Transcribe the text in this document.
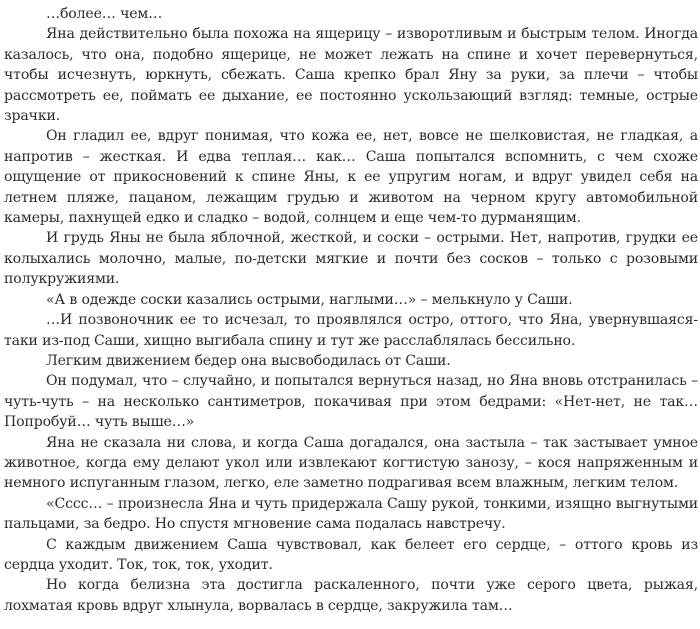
…более… чем…

Яна действительно была похожа на ящерицу – изворотливым и быстрым телом. Иногда казалось, что она, подобно ящерице, не может лежать на спине и хочет перевернуться, чтобы исчезнуть, юркнуть, сбежать. Саша крепко брал Яну за руки, за плечи – чтобы рассмотреть ее, поймать ее дыхание, ее постоянно ускользающий взгляд: темные, острые зрачки.

Он гладил ее, вдруг понимая, что кожа ее, нет, вовсе не шелковистая, не гладкая, а напротив – жесткая. И едва теплая… как… Саша попытался вспомнить, с чем схоже ощущение от прикосновений к спине Яны, к ее упругим ногам, и вдруг увидел себя на летнем пляже, пацаном, лежащим грудью и животом на черном кругу автомобильной камеры, пахнущей едко и сладко – водой, солнцем и еще чем-то дурманящим.

И грудь Яны не была яблочной, жесткой, и соски – острыми. Нет, напротив, грудки ее колыхались молочно, малые, по-детски мягкие и почти без сосков – только с розовыми полукружиями.

«А в одежде соски казались острыми, наглыми…» – мелькнуло у Саши.

…И позвоночник ее то исчезал, то проявлялся остро, оттого, что Яна, увернувшаяся-таки из-под Саши, хищно выгибала спину и тут же расслаблялась бессильно.

Легким движением бедер она высвободилась от Саши.

Он подумал, что – случайно, и попытался вернуться назад, но Яна вновь отстранилась – чуть-чуть – на несколько сантиметров, покачивая при этом бедрами: «Нет-нет, не так… Попробуй… чуть выше…»

Яна не сказала ни слова, и когда Саша догадался, она застыла – так застывает умное животное, когда ему делают укол или извлекают когтистую занозу, – кося напряженным и немного испуганным глазом, легко, еле заметно подрагивая всем влажным, легким телом.

«Сссс… – произнесла Яна и чуть придержала Сашу рукой, тонкими, изящно выгнутыми пальцами, за бедро. Но спустя мгновение сама подалась навстречу.

С каждым движением Саша чувствовал, как белеет его сердце, – оттого кровь из сердца уходит. Ток, ток, ток, уходит.

Но когда белизна эта достигла раскаленного, почти уже серого цвета, рыжая, лохматая кровь вдруг хлынула, ворвалась в сердце, закружила там…
